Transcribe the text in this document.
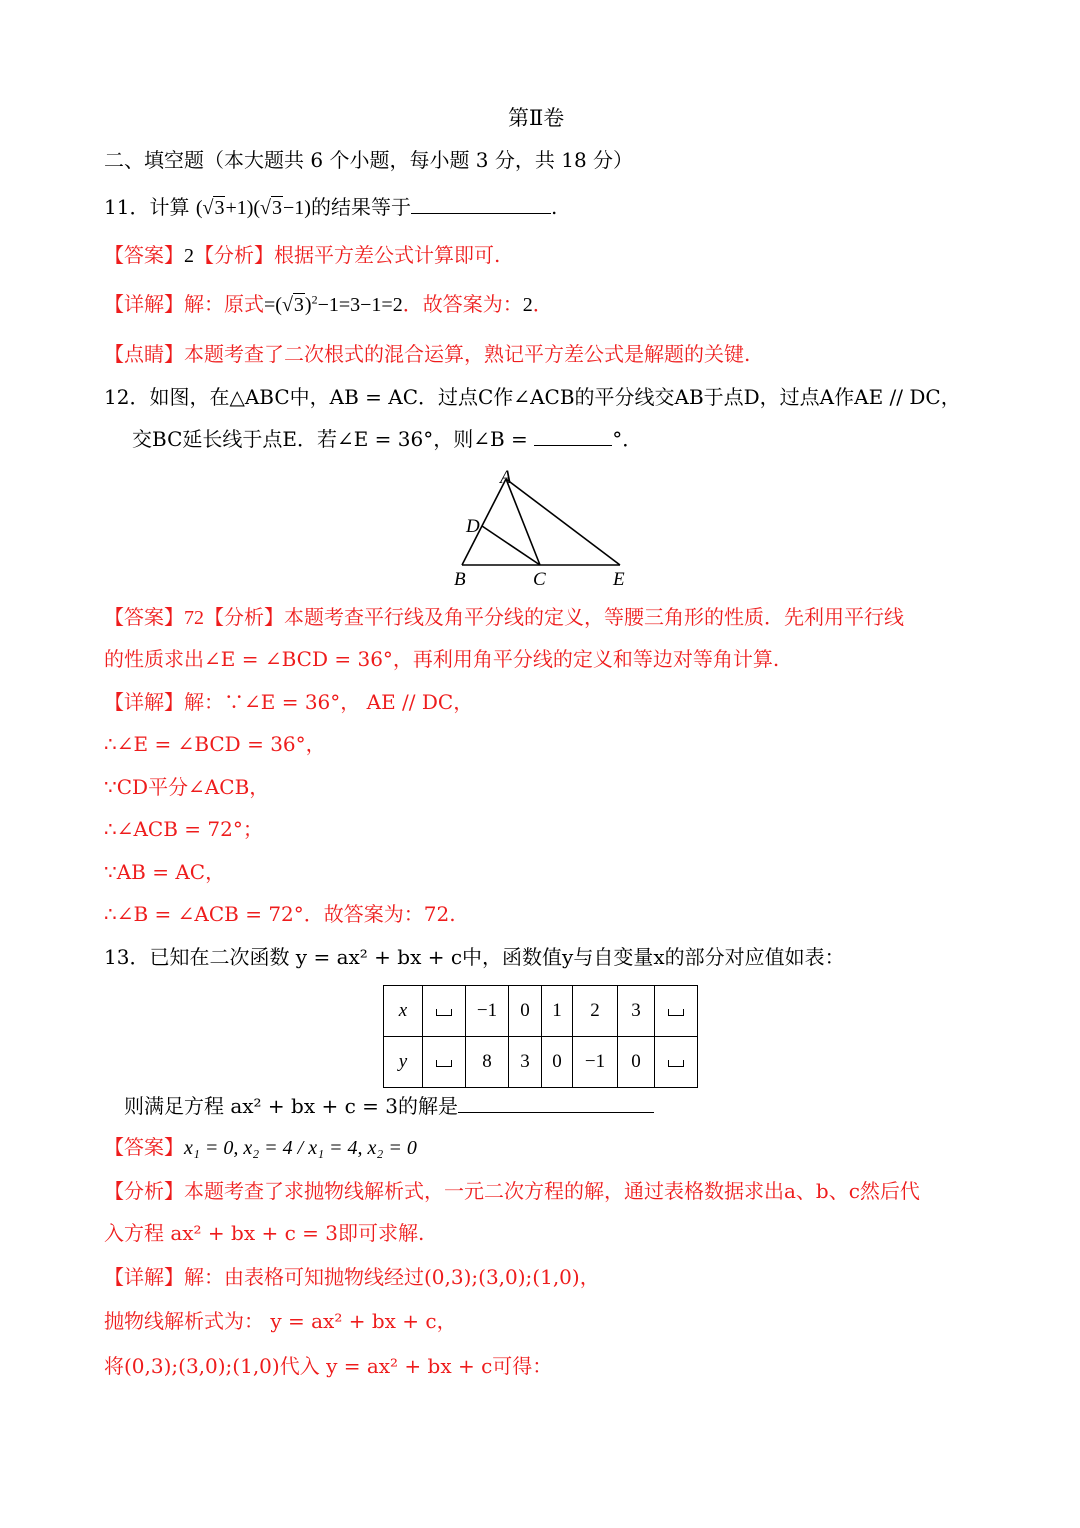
第Ⅱ卷
二、填空题（本大题共 6 个小题，每小题 3 分，共 18 分）
11．计算 (√3+1)(√3−1)的结果等于	.
【答案】2【分析】根据平方差公式计算即可.
【详解】解：原式$=(√3)^2-1=3-1=2$．故答案为：2．
【点睛】本题考查了二次根式的混合运算，熟记平方差公式是解题的关键.
12．如图，在△ABC中，AB = AC．过点C作∠ACB的平分线交AB于点D，过点A作AE // DC，
交BC延长线于点E．若∠E = 36°，则∠B =	°．
A
D
B	C	E
【答案】72【分析】本题考查平行线及角平分线的定义，等腰三角形的性质．先利用平行线
的性质求出∠E = ∠BCD = 36°，再利用角平分线的定义和等边对等角计算.
【详解】解：∵∠E = 36°， AE // DC，
∴∠E = ∠BCD = 36°，
∵CD平分∠ACB，
∴∠ACB = 72°；
∵AB = AC，
∴∠B = ∠ACB = 72°．故答案为：72.
13．已知在二次函数 y = ax² + bx + c中，函数值y与自变量x的部分对应值如表：
x		−1	0	1	2	3	
y		8	3	0	−1	0	
则满足方程 ax² + bx + c = 3的解是
【答案】x₁ = 0, x₂ = 4 / x₁ = 4, x₂ = 0
【分析】本题考查了求抛物线解析式，一元二次方程的解，通过表格数据求出a、b、c然后代
入方程 ax² + bx + c = 3即可求解.
【详解】解：由表格可知抛物线经过(0,3);(3,0);(1,0)，
抛物线解析式为： y = ax² + bx + c，
将(0,3);(3,0);(1,0)代入 y = ax² + bx + c可得：
